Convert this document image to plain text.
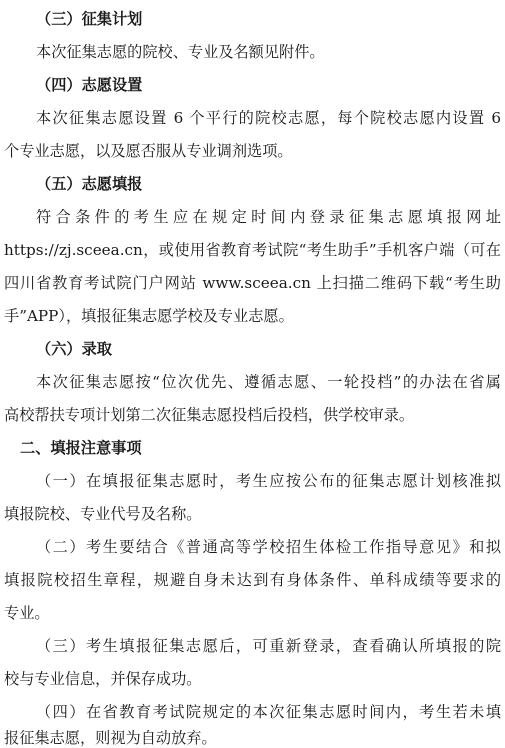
（三）征集计划
本次征集志愿的院校、专业及名额见附件。
（四）志愿设置
本次征集志愿设置 6 个平行的院校志愿，每个院校志愿内设置 6
个专业志愿，以及愿否服从专业调剂选项。
（五）志愿填报
符合条件的考生应在规定时间内登录征集志愿填报网址
https://zj.sceea.cn，或使用省教育考试院“考生助手”手机客户端（可在
四川省教育考试院门户网站 www.sceea.cn 上扫描二维码下载“考生助
手”APP），填报征集志愿学校及专业志愿。
（六）录取
本次征集志愿按“位次优先、遵循志愿、一轮投档”的办法在省属
高校帮扶专项计划第二次征集志愿投档后投档，供学校审录。
二、填报注意事项
（一）在填报征集志愿时，考生应按公布的征集志愿计划核准拟
填报院校、专业代号及名称。
（二）考生要结合《普通高等学校招生体检工作指导意见》和拟
填报院校招生章程，规避自身未达到有身体条件、单科成绩等要求的
专业。
（三）考生填报征集志愿后，可重新登录，查看确认所填报的院
校与专业信息，并保存成功。
（四）在省教育考试院规定的本次征集志愿时间内，考生若未填
报征集志愿，则视为自动放弃。
